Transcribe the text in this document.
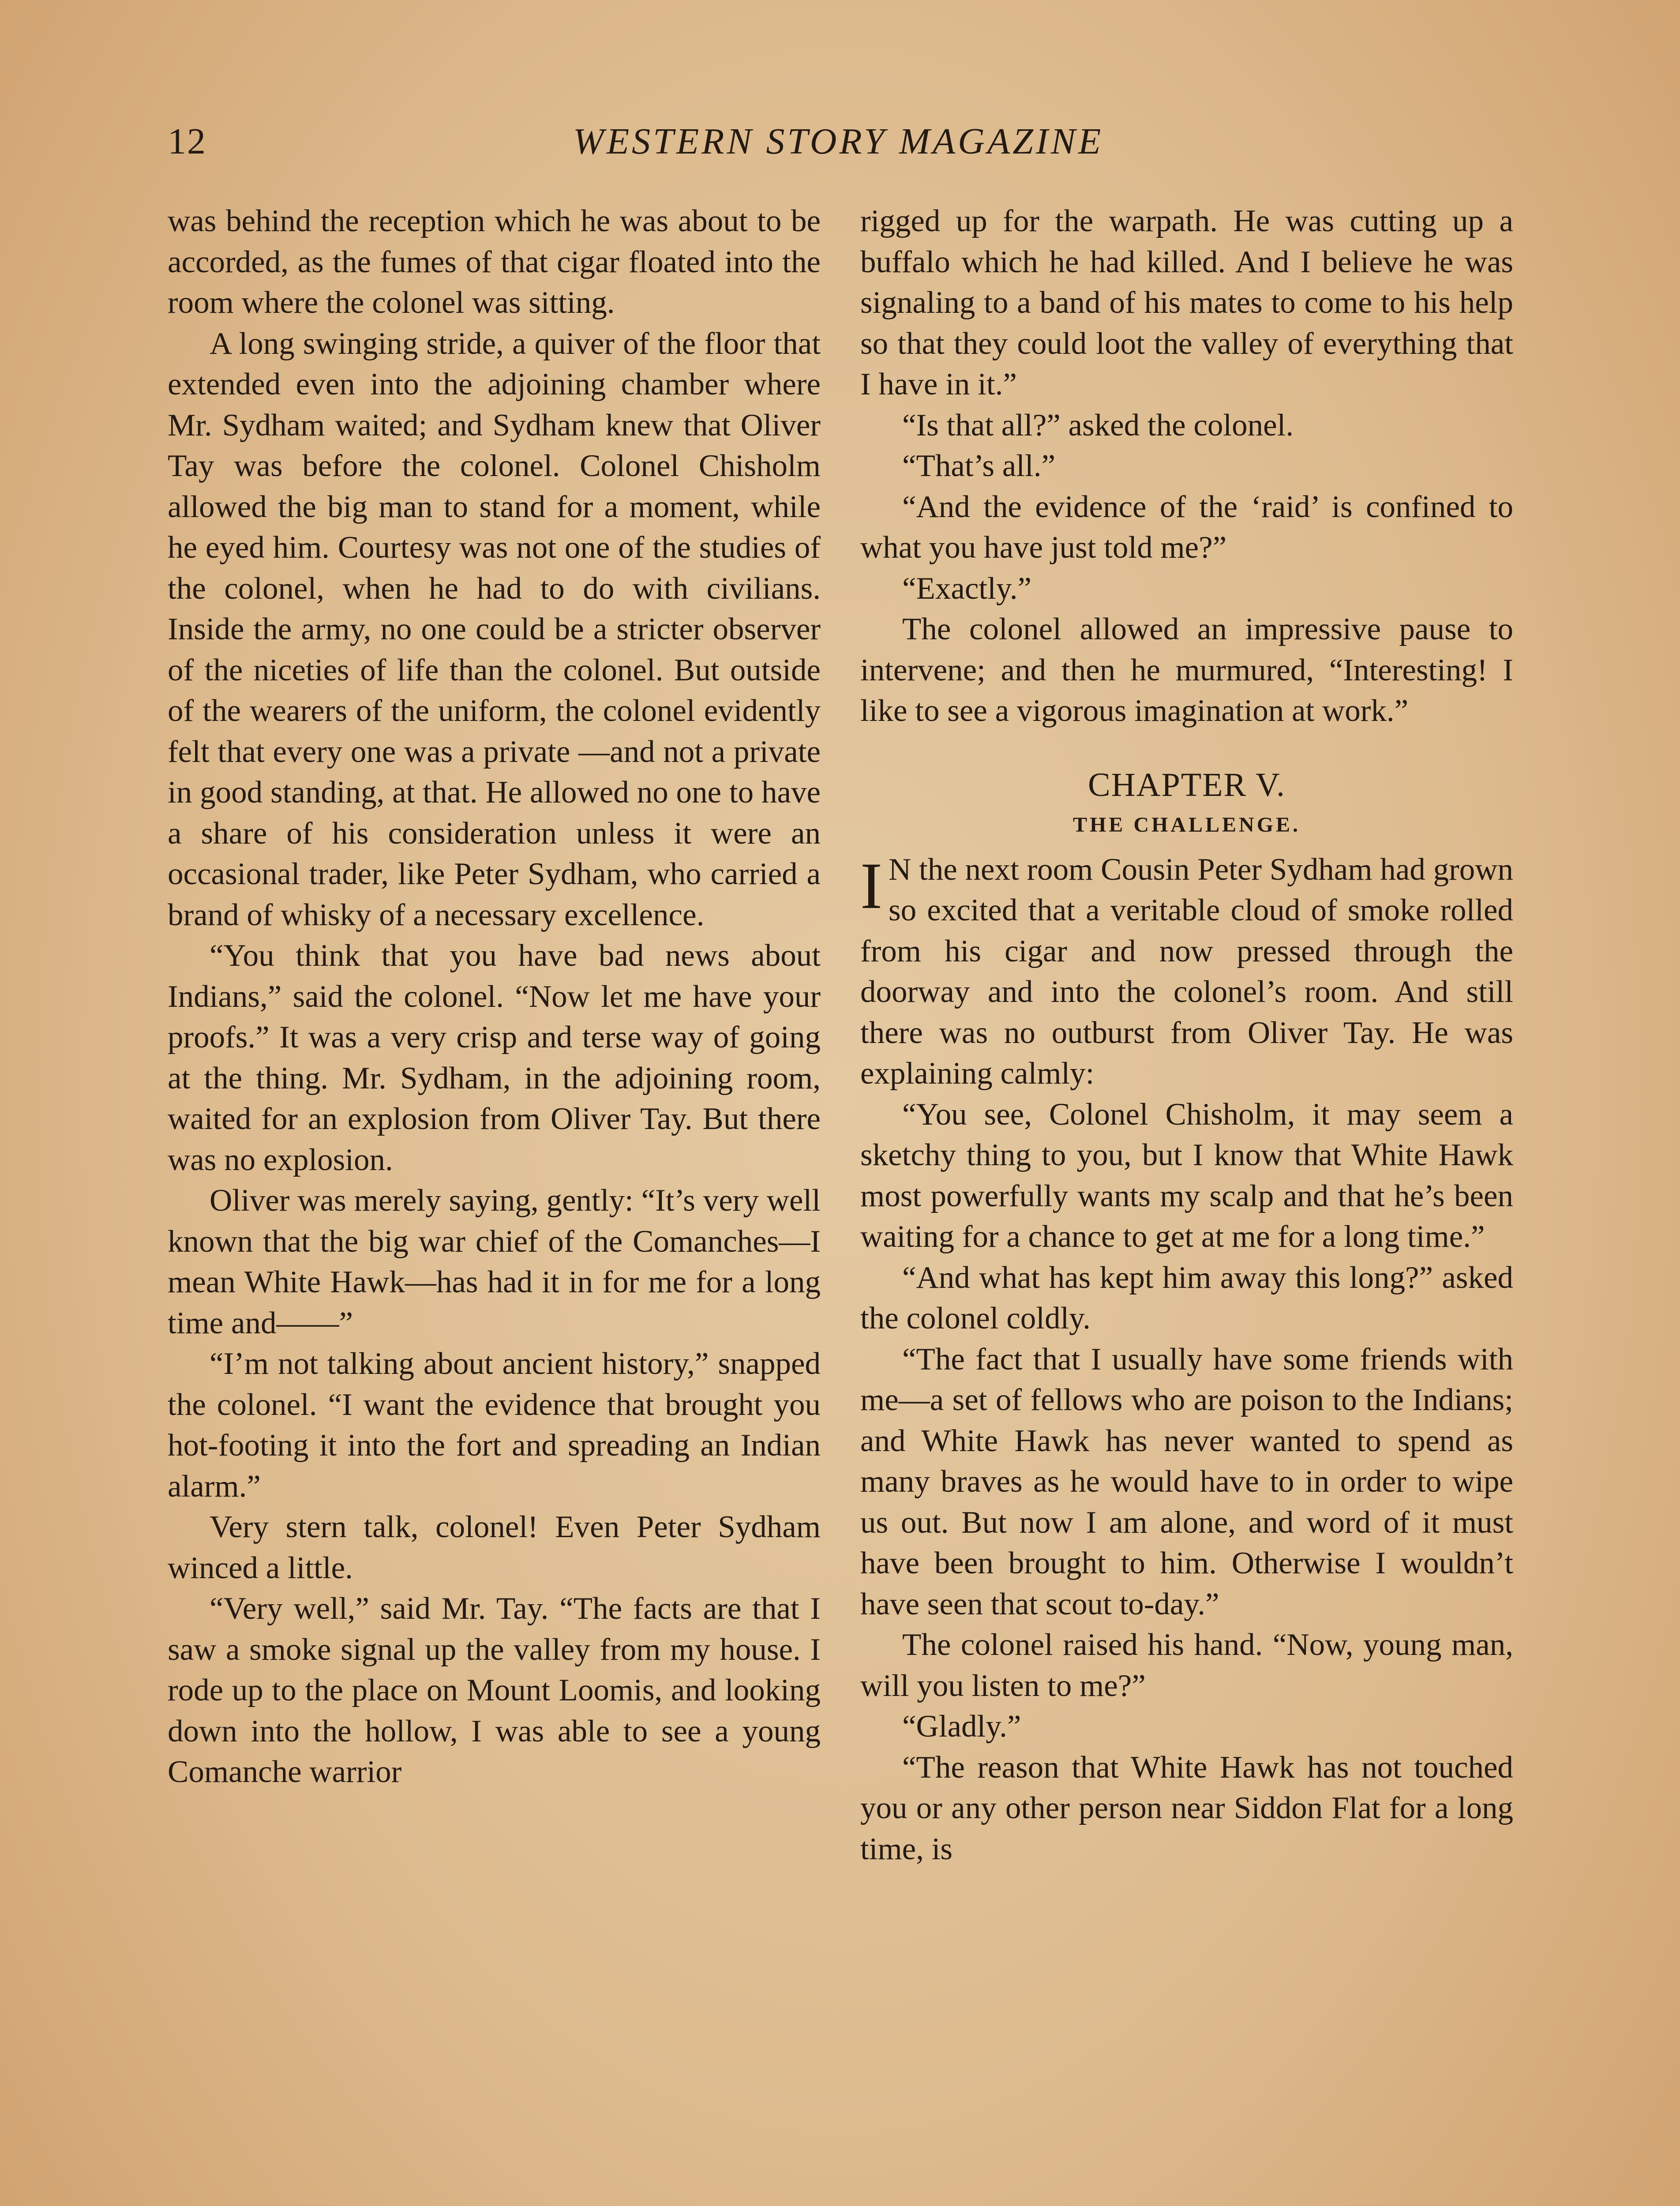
12	WESTERN STORY MAGAZINE

was behind the reception which he was about to be accorded, as the fumes of that cigar floated into the room where the colonel was sitting.

A long swinging stride, a quiver of the floor that extended even into the adjoining chamber where Mr. Sydham waited; and Sydham knew that Oliver Tay was before the colonel. Colonel Chisholm allowed the big man to stand for a moment, while he eyed him. Courtesy was not one of the studies of the colonel, when he had to do with civilians. Inside the army, no one could be a stricter observer of the niceties of life than the colonel. But outside of the wearers of the uniform, the colonel evidently felt that every one was a private —and not a private in good standing, at that. He allowed no one to have a share of his consideration unless it were an occasional trader, like Peter Sydham, who carried a brand of whisky of a necessary excellence.

“You think that you have bad news about Indians,” said the colonel. “Now let me have your proofs.” It was a very crisp and terse way of going at the thing. Mr. Sydham, in the adjoining room, waited for an explosion from Oliver Tay. But there was no explosion.

Oliver was merely saying, gently: “It’s very well known that the big war chief of the Comanches—I mean White Hawk—has had it in for me for a long time and——”

“I’m not talking about ancient history,” snapped the colonel. “I want the evidence that brought you hot-footing it into the fort and spreading an Indian alarm.”

Very stern talk, colonel! Even Peter Sydham winced a little.

“Very well,” said Mr. Tay. “The facts are that I saw a smoke signal up the valley from my house. I rode up to the place on Mount Loomis, and looking down into the hollow, I was able to see a young Comanche warrior

rigged up for the warpath. He was cutting up a buffalo which he had killed. And I believe he was signaling to a band of his mates to come to his help so that they could loot the valley of everything that I have in it.”

“Is that all?” asked the colonel.

“That’s all.”

“And the evidence of the ‘raid’ is confined to what you have just told me?”

“Exactly.”

The colonel allowed an impressive pause to intervene; and then he murmured, “Interesting! I like to see a vigorous imagination at work.”

CHAPTER V.
THE CHALLENGE.

I N the next room Cousin Peter Sydham had grown so excited that a veritable cloud of smoke rolled from his cigar and now pressed through the doorway and into the colonel’s room. And still there was no outburst from Oliver Tay. He was explaining calmly:

“You see, Colonel Chisholm, it may seem a sketchy thing to you, but I know that White Hawk most powerfully wants my scalp and that he’s been waiting for a chance to get at me for a long time.”

“And what has kept him away this long?” asked the colonel coldly.

“The fact that I usually have some friends with me—a set of fellows who are poison to the Indians; and White Hawk has never wanted to spend as many braves as he would have to in order to wipe us out. But now I am alone, and word of it must have been brought to him. Otherwise I wouldn’t have seen that scout to-day.”

The colonel raised his hand. “Now, young man, will you listen to me?”

“Gladly.”

“The reason that White Hawk has not touched you or any other person near Siddon Flat for a long time, is
